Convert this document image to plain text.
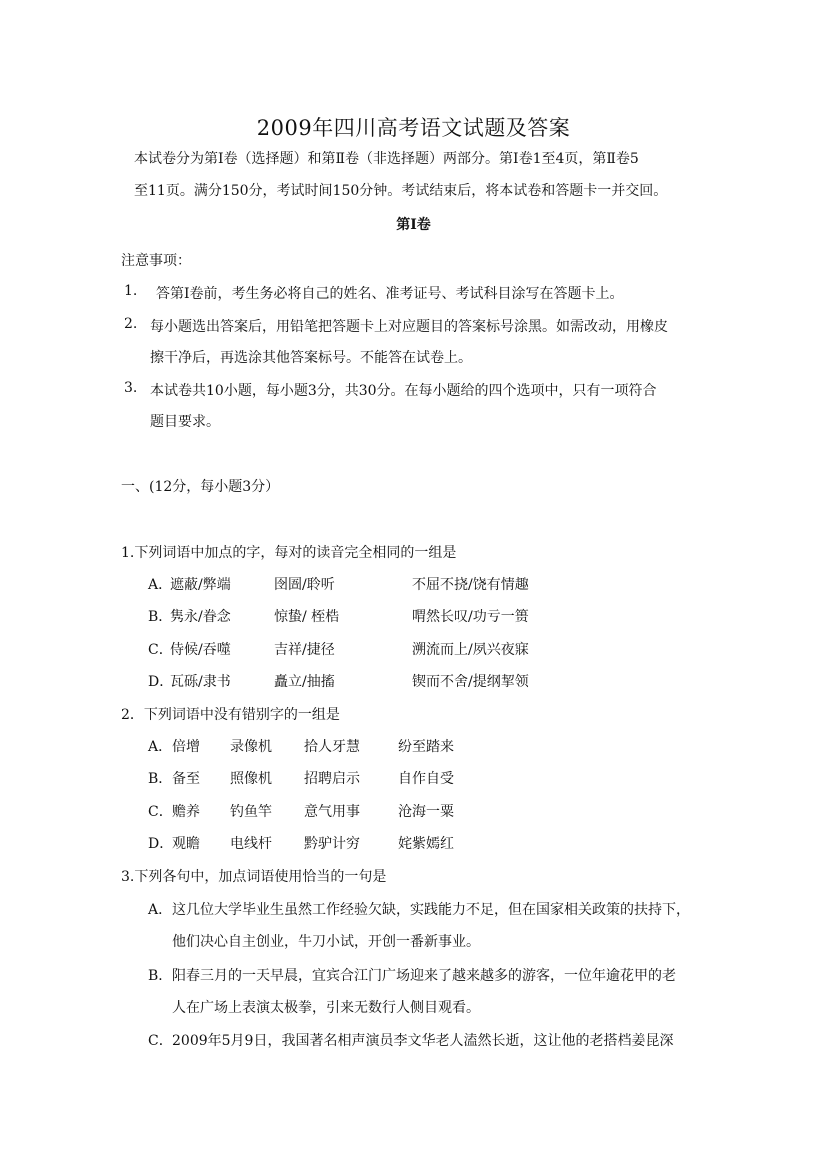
2009年四川高考语文试题及答案
本试卷分为第Ⅰ卷（选择题）和第Ⅱ卷（非选择题）两部分。第Ⅰ卷1至4页，第Ⅱ卷5
至11页。满分150分，考试时间150分钟。考试结束后，将本试卷和答题卡一并交回。
第Ⅰ卷
注意事项：
1. 答第Ⅰ卷前，考生务必将自己的姓名、准考证号、考试科目涂写在答题卡上。
2. 每小题选出答案后，用铅笔把答题卡上对应题目的答案标号涂黑。如需改动，用橡皮
擦干净后，再选涂其他答案标号。不能答在试卷上。
3. 本试卷共10小题，每小题3分，共30分。在每小题给的四个选项中，只有一项符合
题目要求。
一、(12分，每小题3分）
1.下列词语中加点的字，每对的读音完全相同的一组是
A．
遮蔽/弊端	囹圄/聆听	不屈不挠/饶有情趣
B．
隽永/眷念	惊蛰/ 桎梏	喟然长叹/功亏一篑
C．
侍候/吞噬	吉祥/捷径	溯流而上/夙兴夜寐
D．
瓦砾/隶书	矗立/抽搐	锲而不舍/提纲挈领
2．下列词语中没有错别字的一组是
A． 倍增 录像机 拾人牙慧	纷至踏来
B． 备至 照像机 招聘启示	自作自受
C． 赡养 钓鱼竿 意气用事	沧海一粟
D．
观瞻 电线杆 黔驴计穷	姹紫嫣红
3.下列各句中，加点词语使用恰当的一句是
A． 这几位大学毕业生虽然工作经验欠缺，实践能力不足，但在国家相关政策的扶持下，
他们决心自主创业，牛刀小试，开创一番新事业。
B． 阳春三月的一天早晨，宜宾合江门广场迎来了越来越多的游客，一位年逾花甲的老
人在广场上表演太极拳，引来无数行人侧目观看。
C． 2009年5月9日，我国著名相声演员李文华老人溘然长逝，这让他的老搭档姜昆深
